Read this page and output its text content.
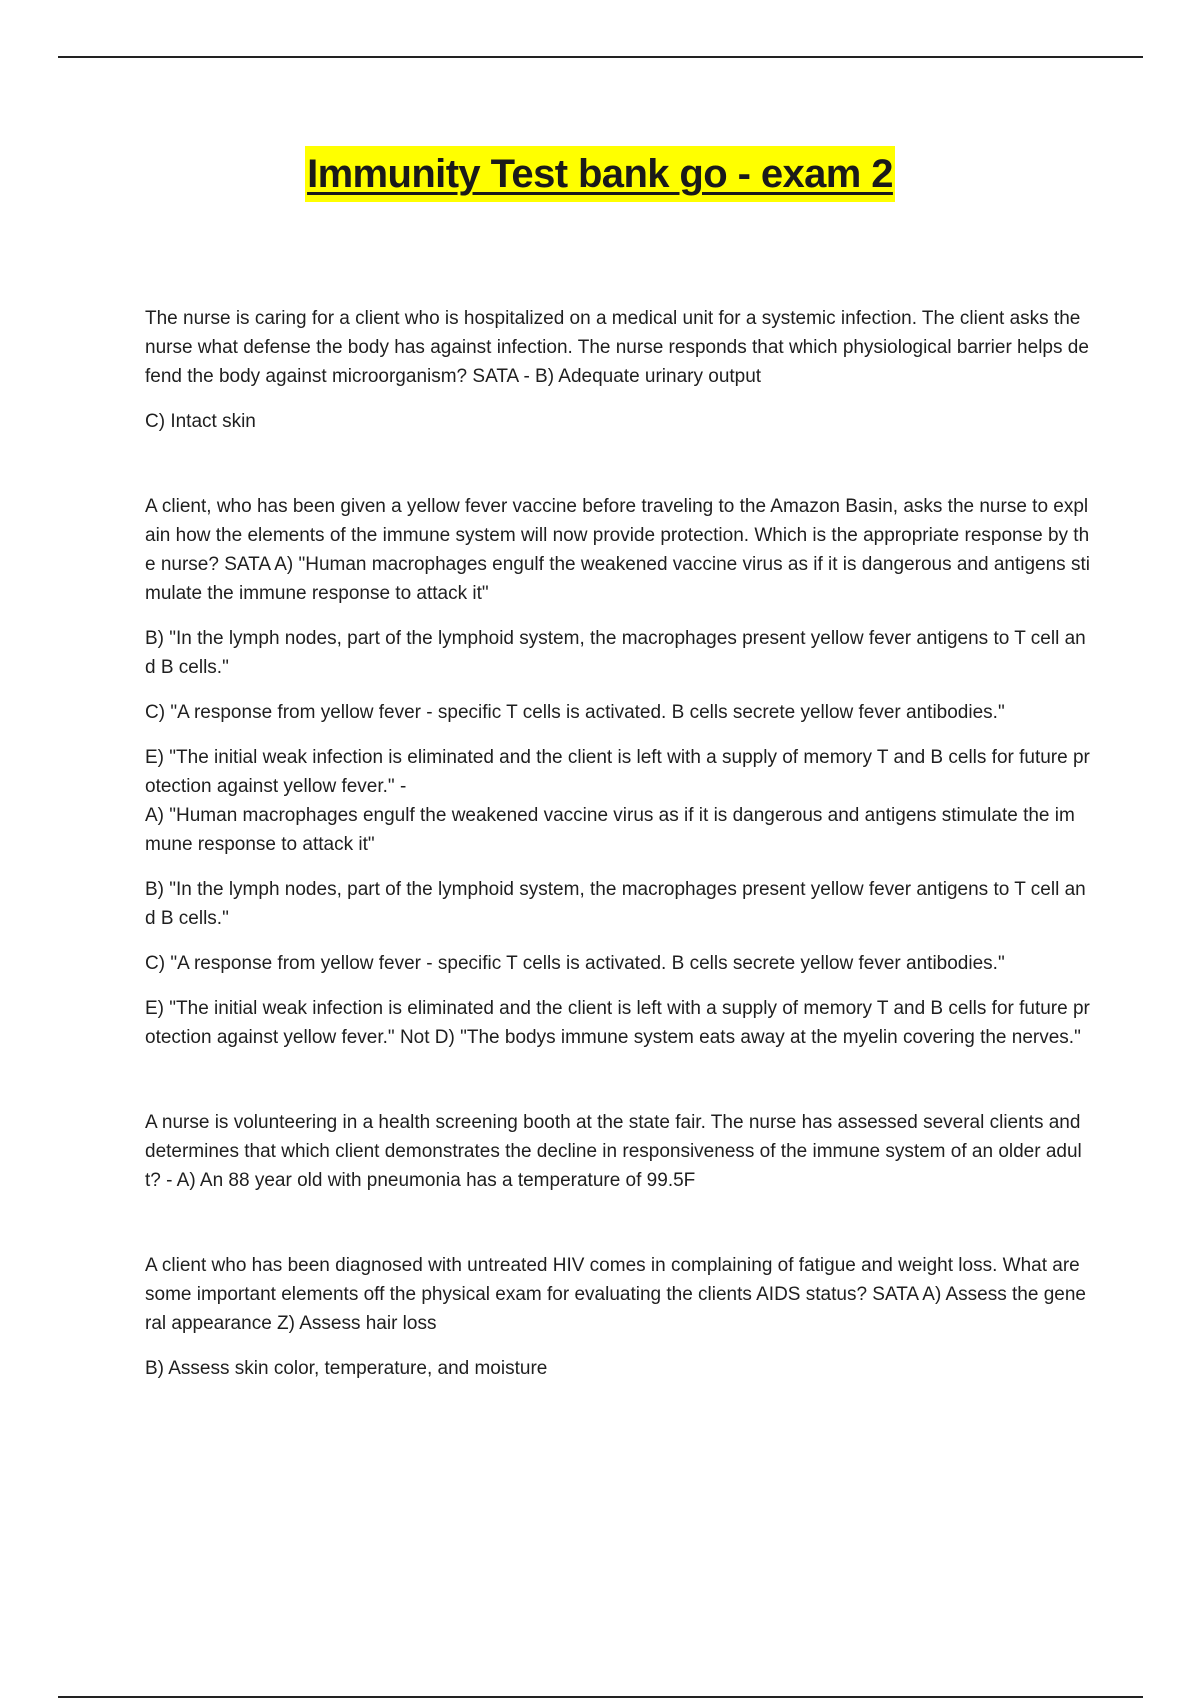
Immunity Test bank go - exam 2

The nurse is caring for a client who is hospitalized on a medical unit for a systemic infection. The client asks the nurse what defense the body has against infection. The nurse responds that which physiological barrier helps defend the body against microorganism? SATA - B) Adequate urinary output

C) Intact skin

A client, who has been given a yellow fever vaccine before traveling to the Amazon Basin, asks the nurse to explain how the elements of the immune system will now provide protection. Which is the appropriate response by the nurse? SATA A) "Human macrophages engulf the weakened vaccine virus as if it is dangerous and antigens stimulate the immune response to attack it"

B) "In the lymph nodes, part of the lymphoid system, the macrophages present yellow fever antigens to T cell and B cells."

C) "A response from yellow fever - specific T cells is activated. B cells secrete yellow fever antibodies."

E) "The initial weak infection is eliminated and the client is left with a supply of memory T and B cells for future protection against yellow fever." -

A) "Human macrophages engulf the weakened vaccine virus as if it is dangerous and antigens stimulate the immune response to attack it"

B) "In the lymph nodes, part of the lymphoid system, the macrophages present yellow fever antigens to T cell and B cells."

C) "A response from yellow fever - specific T cells is activated. B cells secrete yellow fever antibodies."

E) "The initial weak infection is eliminated and the client is left with a supply of memory T and B cells for future protection against yellow fever." Not D) "The bodys immune system eats away at the myelin covering the nerves."

A nurse is volunteering in a health screening booth at the state fair. The nurse has assessed several clients and determines that which client demonstrates the decline in responsiveness of the immune system of an older adult? - A) An 88 year old with pneumonia has a temperature of 99.5F

A client who has been diagnosed with untreated HIV comes in complaining of fatigue and weight loss. What are some important elements off the physical exam for evaluating the clients AIDS status? SATA A) Assess the general appearance Z) Assess hair loss

B) Assess skin color, temperature, and moisture
